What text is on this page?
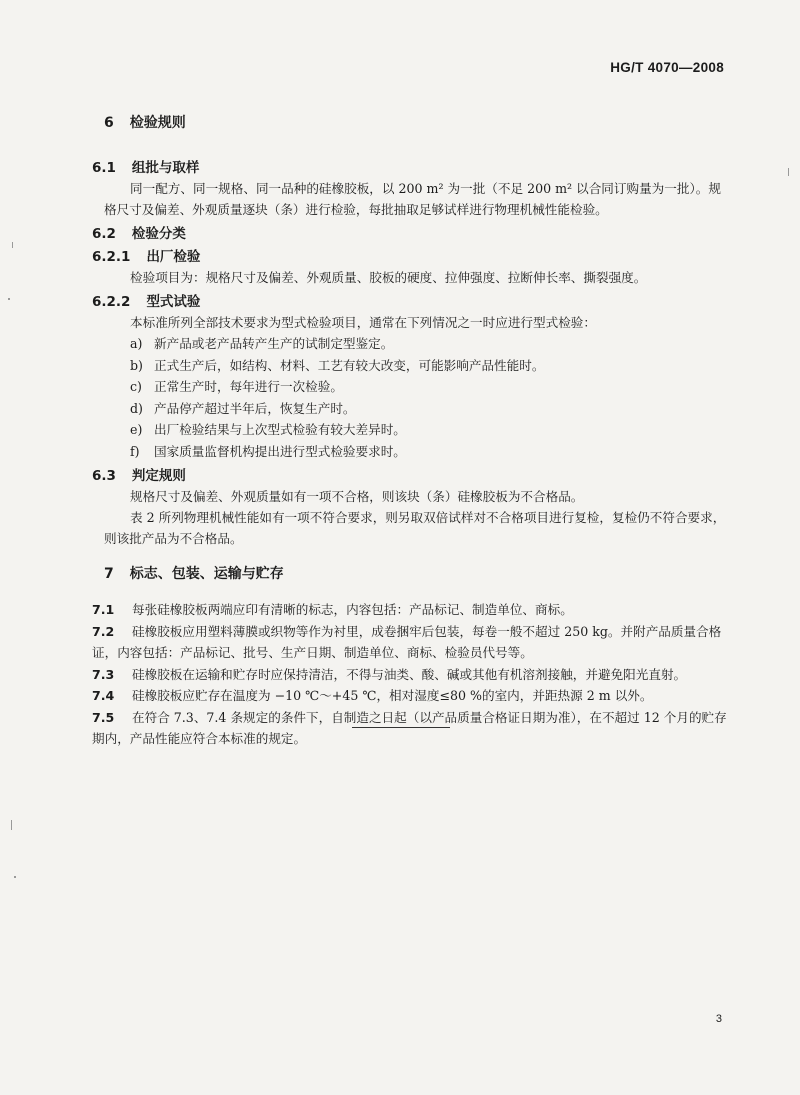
HG/T 4070—2008
6 检验规则
6.1 组批与取样

同一配方、同一规格、同一品种的硅橡胶板，以 200 m² 为一批（不足 200 m² 以合同订购量为一批）。规格尺寸及偏差、外观质量逐块（条）进行检验，每批抽取足够试样进行物理机械性能检验。

6.2 检验分类
6.2.1 出厂检验

检验项目为：规格尺寸及偏差、外观质量、胶板的硬度、拉伸强度、拉断伸长率、撕裂强度。

6.2.2 型式试验

本标准所列全部技术要求为型式检验项目，通常在下列情况之一时应进行型式检验：

a) 新产品或老产品转产生产的试制定型鉴定。

b) 正式生产后，如结构、材料、工艺有较大改变，可能影响产品性能时。

c) 正常生产时，每年进行一次检验。

d) 产品停产超过半年后，恢复生产时。

e) 出厂检验结果与上次型式检验有较大差异时。

f) 国家质量监督机构提出进行型式检验要求时。

6.3 判定规则

规格尺寸及偏差、外观质量如有一项不合格，则该块（条）硅橡胶板为不合格品。

表 2 所列物理机械性能如有一项不符合要求，则另取双倍试样对不合格项目进行复检，复检仍不符合要求，则该批产品为不合格品。

7 标志、包装、运输与贮存

7.1 每张硅橡胶板两端应印有清晰的标志，内容包括：产品标记、制造单位、商标。

7.2 硅橡胶板应用塑料薄膜或织物等作为衬里，成卷捆牢后包装，每卷一般不超过 250 kg。并附产品质量合格证，内容包括：产品标记、批号、生产日期、制造单位、商标、检验员代号等。

7.3 硅橡胶板在运输和贮存时应保持清洁，不得与油类、酸、碱或其他有机溶剂接触，并避免阳光直射。

7.4 硅橡胶板应贮存在温度为 −10 ℃～+45 ℃，相对湿度≤80 %的室内，并距热源 2 m 以外。

7.5 在符合 7.3、7.4 条规定的条件下，自制造之日起（以产品质量合格证日期为准），在不超过 12 个月的贮存期内，产品性能应符合本标准的规定。

3
